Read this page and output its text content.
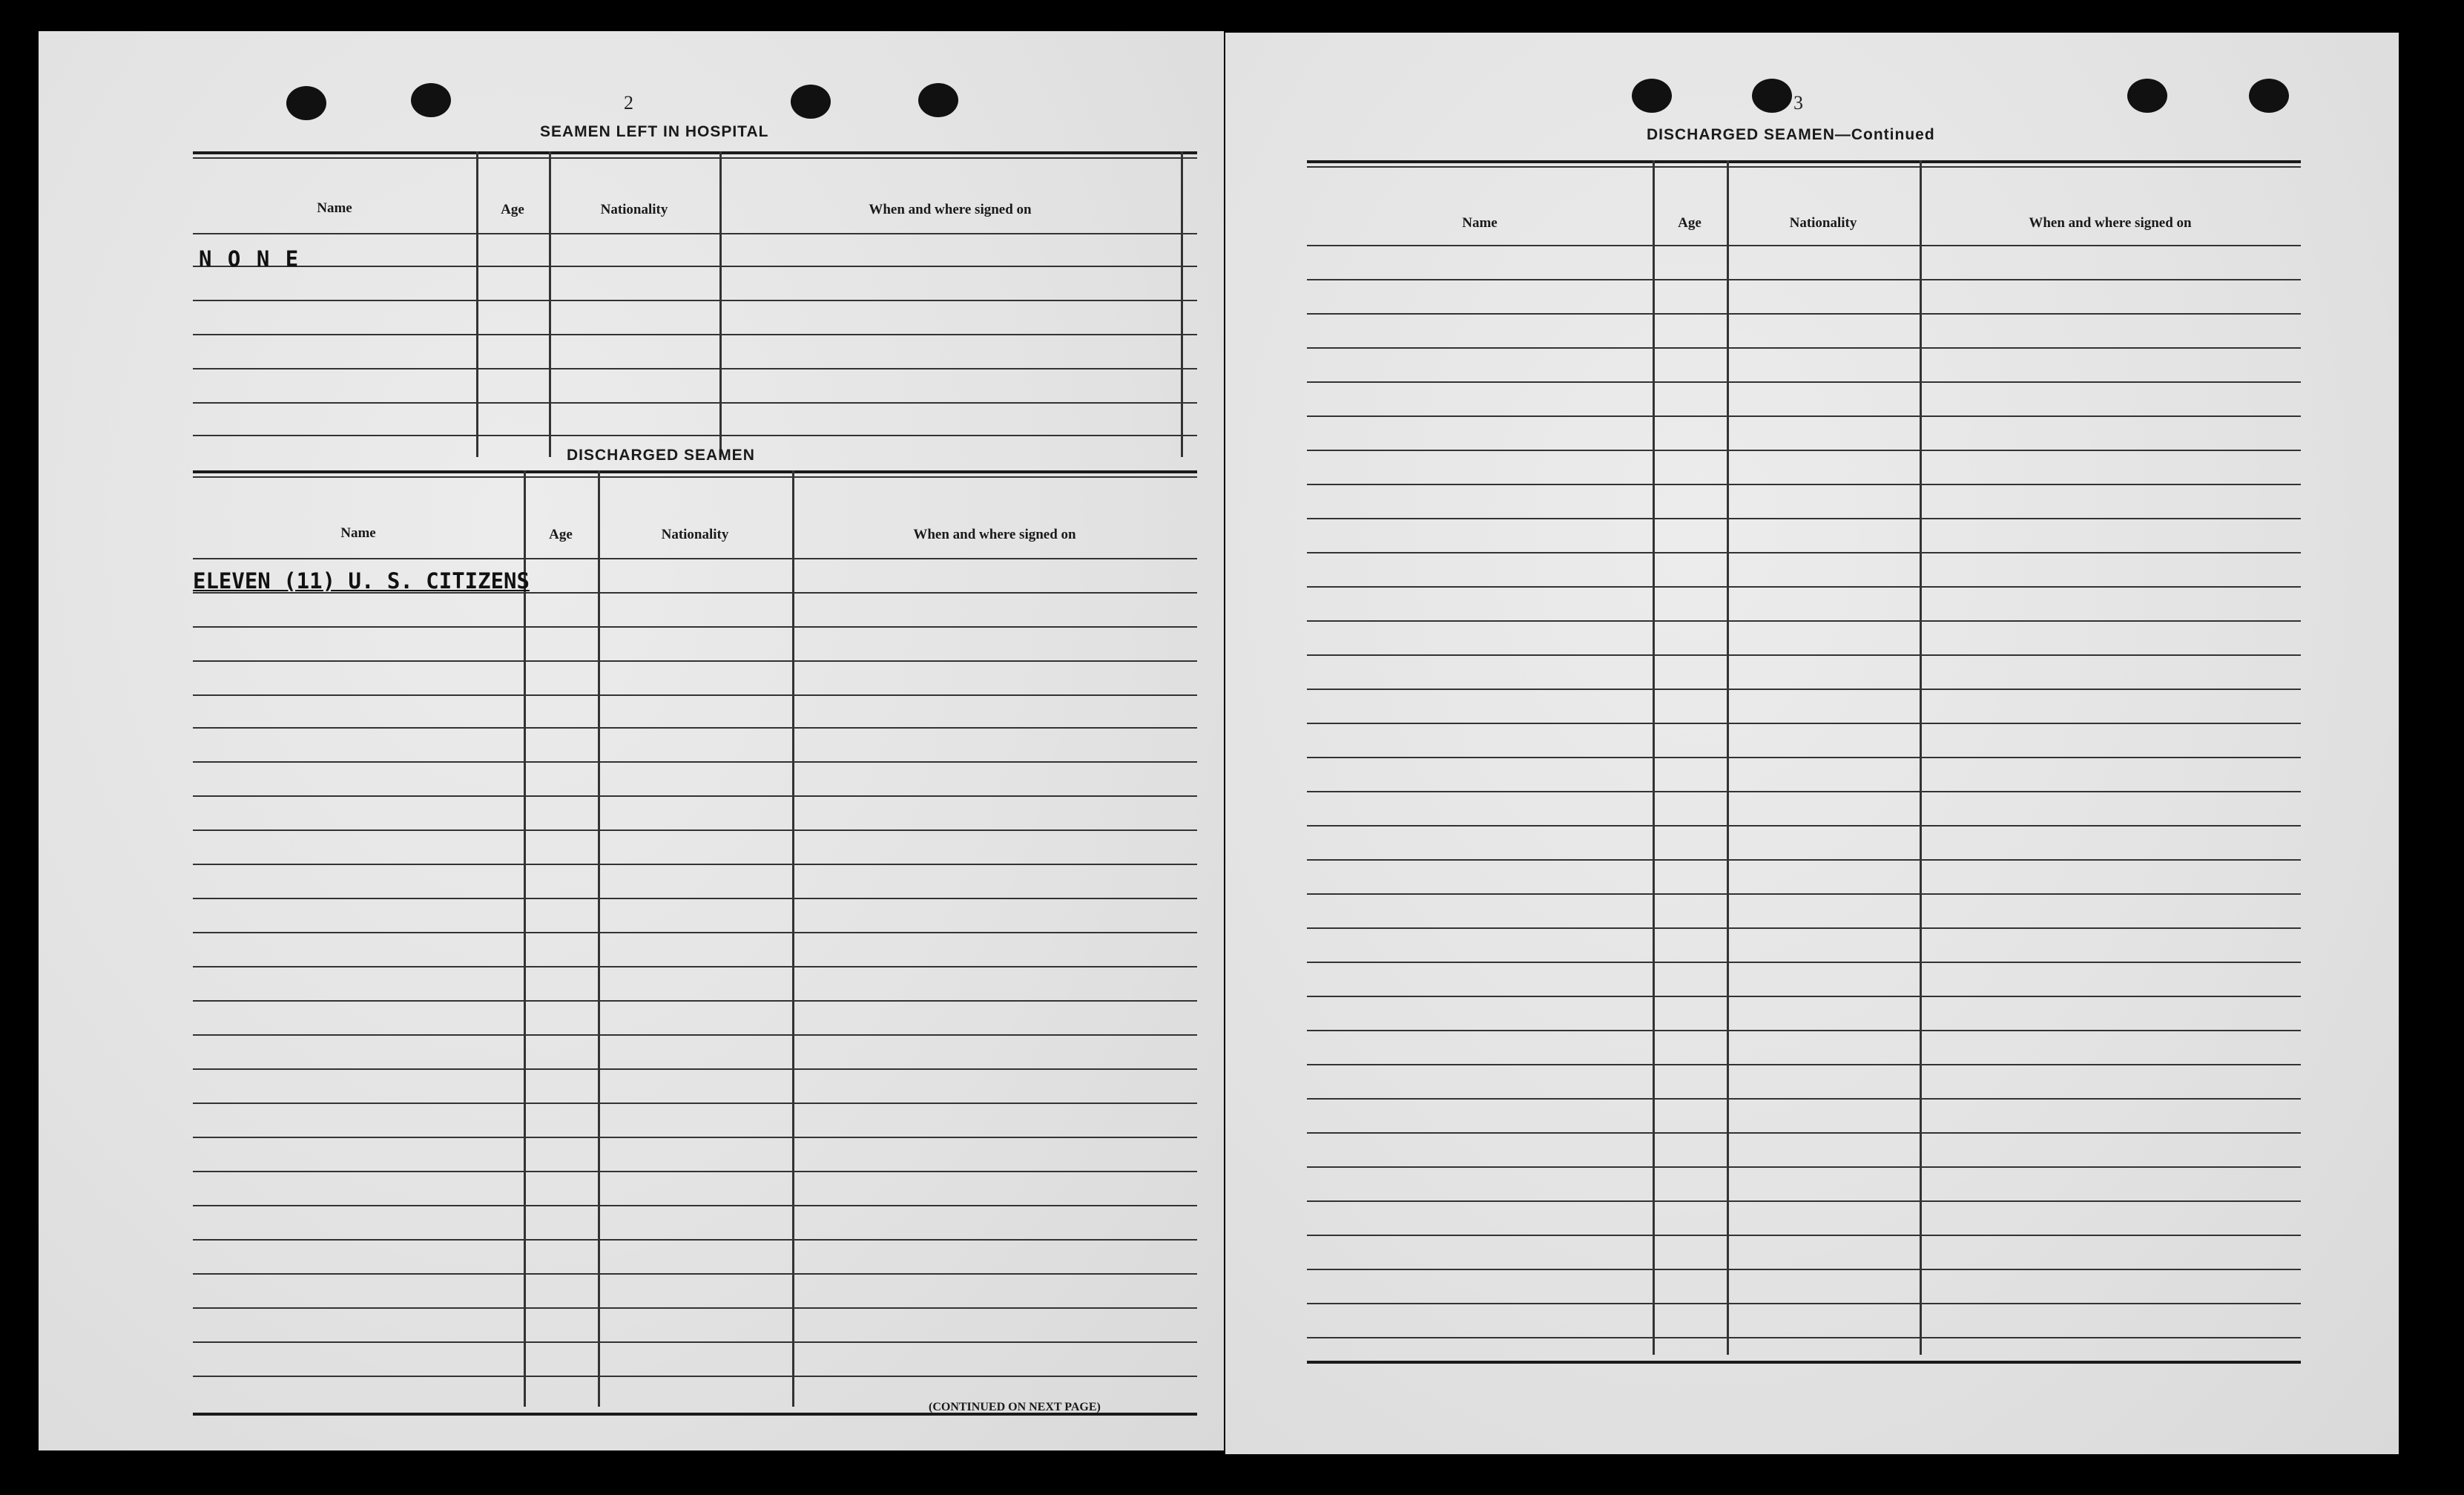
2
SEAMEN LEFT IN HOSPITAL
Name	Age	Nationality	When and where signed on
N O N E
DISCHARGED SEAMEN
Name	Age	Nationality	When and where signed on
ELEVEN (11) U. S. CITIZENS
(CONTINUED ON NEXT PAGE)
3
DISCHARGED SEAMEN—Continued
Name	Age	Nationality	When and where signed on
